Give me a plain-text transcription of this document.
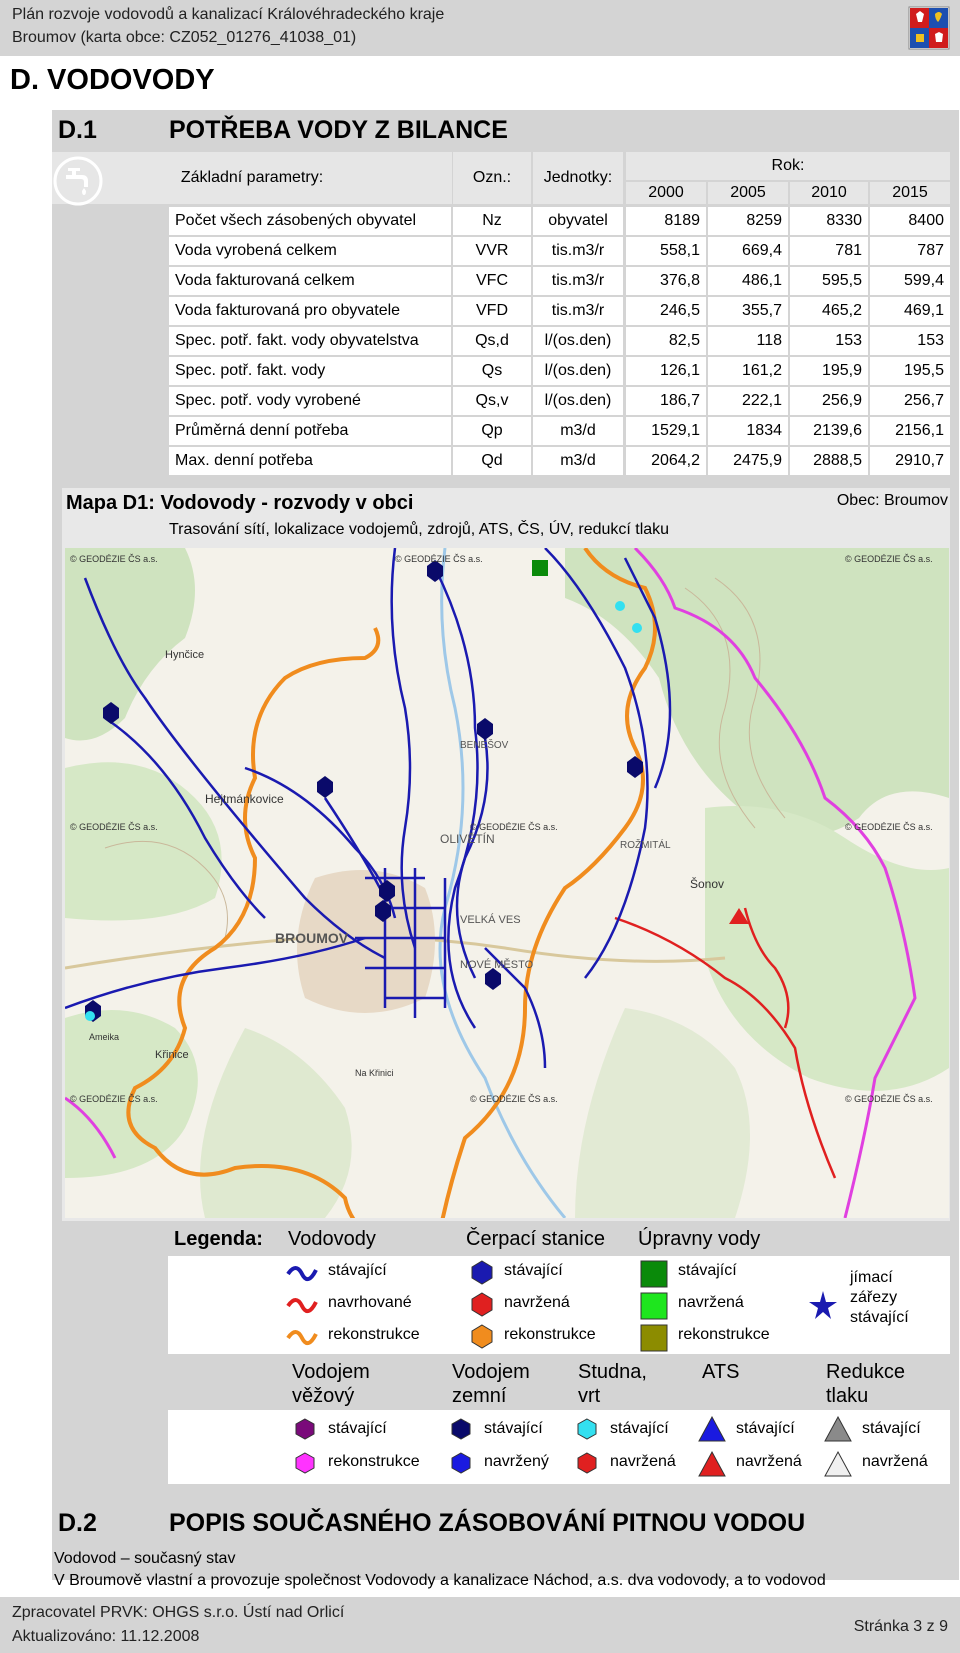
Plán rozvoje vodovodů a kanalizací Královéhradeckého kraje
Broumov (karta obce: CZ052_01276_41038_01)
D. VODOVODY
D.1	POTŘEBA VODY Z BILANCE
Základní parametry:	Ozn.: Jednotky:
Rok:
2000	2005	2010	2015
Mapa D1: Vodovody - rozvody v obci
Trasování sítí, lokalizace vodojemů, zdrojů, ATS, ČS, ÚV, redukcí tlaku
Obec: Broumov
BROUMOV
OLIVĚTÍN
VELKÁ VES
NOVÉ MĚSTO
Šonov
ROŽMITÁL
BENEŠOV
Hejtmánkovice
Hynčice
Křinice
Ameika
Na Křinici
© GEODÉZIE ČS a.s.	© GEODÉZIE ČS a.s.	© GEODÉZIE ČS a.s.
© GEODÉZIE ČS a.s.	© GEODÉZIE ČS a.s.	© GEODÉZIE ČS a.s.
© GEODÉZIE ČS a.s.	© GEODÉZIE ČS a.s.	© GEODÉZIE ČS a.s.
Legenda: Vodovody	Čerpací stanice Úpravny vody
stávající
navrhované
rekonstrukce
stávající
navržená
rekonstrukce
stávající
navržená
rekonstrukce
jímací
zářezy
stávající
Vodojem
věžový
Vodojem
zemní
Studna,
vrt
ATS	Redukce
tlaku
stávající
rekonstrukce
stávající
navržený
stávající
navržená
stávající
navržená
stávající
navržená
D.2	POPIS SOUČASNÉHO ZÁSOBOVÁNÍ PITNOU VODOU
Vodovod – současný stav
V Broumově vlastní a provozuje společnost Vodovody a kanalizace Náchod, a.s. dva vodovody, a to vodovod
Zpracovatel PRVK: OHGS s.r.o. Ústí nad Orlicí
Aktualizováno: 11.12.2008
Stránka 3 z 9
Počet všech zásobených obyvatel	Nz	obyvatel	8189	8259	8330	8400
Voda vyrobená celkem	VVR	tis.m3/r	558,1	669,4	781	787
Voda fakturovaná celkem	VFC	tis.m3/r	376,8	486,1	595,5	599,4
Voda fakturovaná pro obyvatele	VFD	tis.m3/r	246,5	355,7	465,2	469,1
Spec. potř. fakt. vody obyvatelstva	Qs,d	l/(os.den)	82,5	118	153	153
Spec. potř. fakt. vody	Qs	l/(os.den)	126,1	161,2	195,9	195,5
Spec. potř. vody vyrobené	Qs,v	l/(os.den)	186,7	222,1	256,9	256,7
Průměrná denní potřeba	Qp	m3/d	1529,1	1834	2139,6	2156,1
Max. denní potřeba	Qd	m3/d	2064,2	2475,9	2888,5	2910,7
